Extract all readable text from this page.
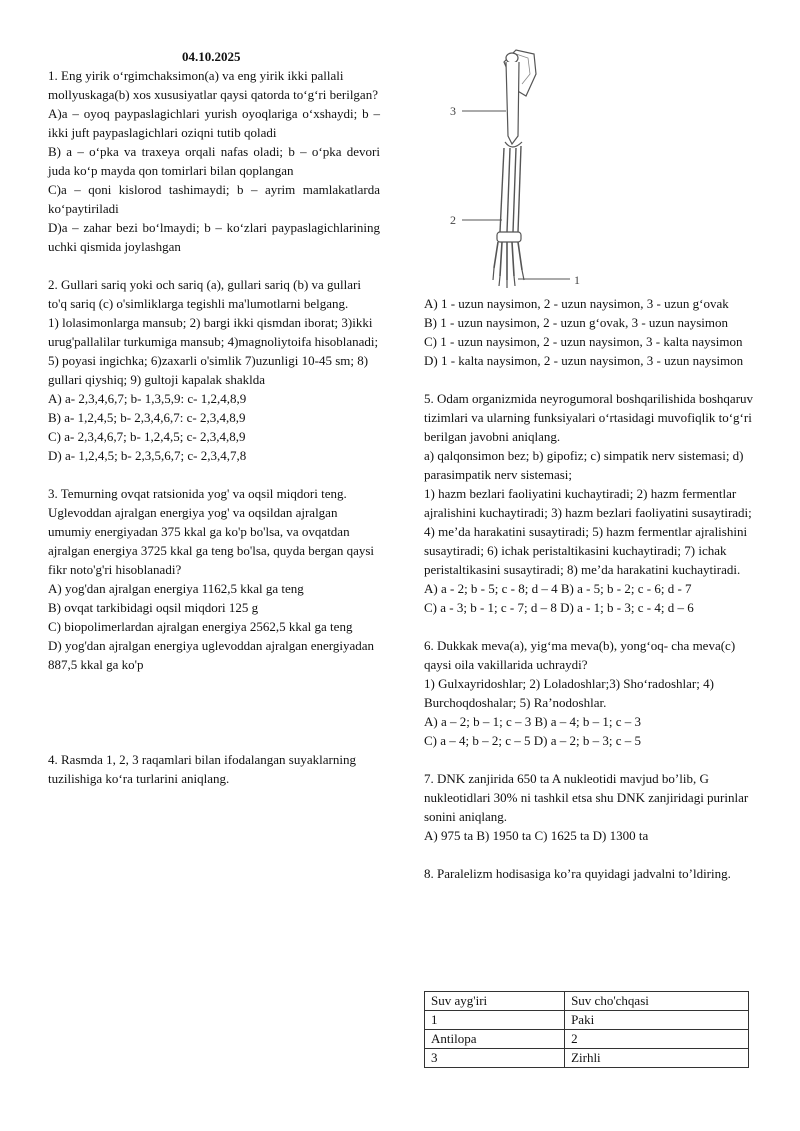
04.10.2025

1. Eng yirik oʻrgimchaksimon(a) va eng yirik ikki pallali mollyuskaga(b) xos xususiyatlar qaysi qatorda toʻgʻri berilgan?

A)a – oyoq paypaslagichlari yurish oyoqlariga oʻxshaydi; b – ikki juft paypaslagichlari oziqni tutib qoladi

B) a – oʻpka va traxeya orqali nafas oladi; b – oʻpka devori juda koʻp mayda qon tomirlari bilan qoplangan

C)a – qoni kislorod tashimaydi; b – ayrim mamlakatlarda koʻpaytiriladi

D)a – zahar bezi boʻlmaydi; b – koʻzlari paypaslagichlarining uchki qismida joylashgan

2. Gullari sariq yoki och sariq (a), gullari sariq (b) va gullari to'q sariq (c) o'simliklarga tegishli ma'lumotlarni belgang.

1) lolasimonlarga mansub; 2) bargi ikki qismdan iborat; 3)ikki urug'pallalilar turkumiga mansub; 4)magnoliytoifa hisoblanadi; 5) poyasi ingichka; 6)zaxarli o'simlik 7)uzunligi 10-45 sm; 8) gullari qiyshiq; 9) gultoji kapalak shaklda

A) a- 2,3,4,6,7; b- 1,3,5,9: c- 1,2,4,8,9

B) a- 1,2,4,5; b- 2,3,4,6,7: c- 2,3,4,8,9

C) a- 2,3,4,6,7; b- 1,2,4,5; c- 2,3,4,8,9

D) a- 1,2,4,5; b- 2,3,5,6,7; c- 2,3,4,7,8

3. Temurning ovqat ratsionida yog' va oqsil miqdori teng. Uglevoddan ajralgan energiya yog' va oqsildan ajralgan umumiy energiyadan 375 kkal ga ko'p bo'lsa, va ovqatdan ajralgan energiya 3725 kkal ga teng bo'lsa, quyda bergan qaysi fikr noto'g'ri hisoblanadi?

A) yog'dan ajralgan energiya 1162,5 kkal ga teng

B) ovqat tarkibidagi oqsil miqdori 125 g

C) biopolimerlardan ajralgan energiya 2562,5 kkal ga teng

D) yog'dan ajralgan energiya uglevoddan ajralgan energiyadan 887,5 kkal ga ko'p

4. Rasmda 1, 2, 3 raqamlari bilan ifodalangan suyaklarning tuzilishiga koʻra turlarini aniqlang.

3
2
1

A) 1 - uzun naysimon, 2 - uzun naysimon, 3 - uzun gʻovak

B) 1 - uzun naysimon, 2 - uzun gʻovak, 3 - uzun naysimon

C) 1 - uzun naysimon, 2 - uzun naysimon, 3 - kalta naysimon

D) 1 - kalta naysimon, 2 - uzun naysimon, 3 - uzun naysimon

5. Odam organizmida neyrogumoral boshqarilishida boshqaruv tizimlari va ularning funksiyalari oʻrtasidagi muvofiqlik toʻgʻri berilgan javobni aniqlang.

a) qalqonsimon bez; b) gipofiz; c) simpatik nerv sistemasi; d) parasimpatik nerv sistemasi;

1) hazm bezlari faoliyatini kuchaytiradi; 2) hazm fermentlar ajralishini kuchaytiradi; 3) hazm bezlari faoliyatini susaytiradi; 4) me’da harakatini susaytiradi; 5) hazm fermentlar ajralishini susaytiradi; 6) ichak peristaltikasini kuchaytiradi; 7) ichak peristaltikasini susaytiradi; 8) me’da harakatini kuchaytiradi.

A) a - 2; b - 5; c - 8; d – 4 B) a - 5; b - 2; c - 6; d - 7

C) a - 3; b - 1; c - 7; d – 8 D) a - 1; b - 3; c - 4; d – 6

6. Dukkak meva(a), yigʻma meva(b), yongʻoq- cha meva(c) qaysi oila vakillarida uchraydi?

1) Gulxayridoshlar; 2) Loladoshlar;3) Shoʻradoshlar; 4) Burchoqdoshalar; 5) Ra’nodoshlar.

A) a – 2; b – 1; c – 3 B) a – 4; b – 1; c – 3

C) a – 4; b – 2; c – 5 D) a – 2; b – 3; c – 5

7. DNK zanjirida 650 ta A nukleotidi mavjud boʼlib, G nukleotidlari 30% ni tashkil etsa shu DNK zanjiridagi purinlar sonini aniqlang.

A) 975 ta B) 1950 ta C) 1625 ta D) 1300 ta

8. Paralelizm hodisasiga koʼra quyidagi jadvalni toʼldiring.

Suv ayg'iri	Suv cho'chqasi
1	Paki
Antilopa	2
3	Zirhli
